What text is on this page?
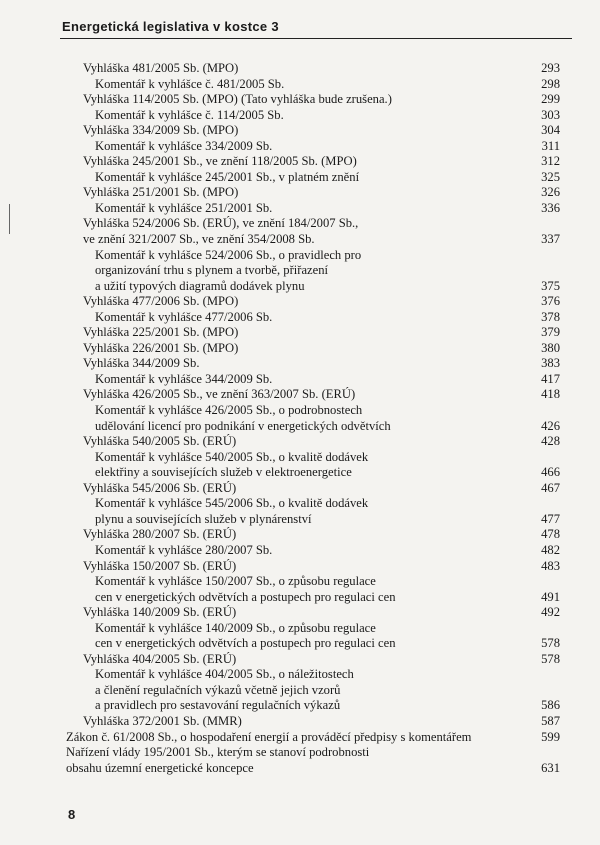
Energetická legislativa v kostce 3
Vyhláška 481/2005 Sb. (MPO)	293
Komentář k vyhlášce č. 481/2005 Sb.	298
Vyhláška 114/2005 Sb. (MPO) (Tato vyhláška bude zrušena.)	299
Komentář k vyhlášce č. 114/2005 Sb.	303
Vyhláška 334/2009 Sb. (MPO)	304
Komentář k vyhlášce 334/2009 Sb.	311
Vyhláška 245/2001 Sb., ve znění 118/2005 Sb. (MPO)	312
Komentář k vyhlášce 245/2001 Sb., v platném znění	325
Vyhláška 251/2001 Sb. (MPO)	326
Komentář k vyhlášce 251/2001 Sb.	336
Vyhláška 524/2006 Sb. (ERÚ), ve znění 184/2007 Sb.,
ve znění 321/2007 Sb., ve znění 354/2008 Sb.	337
Komentář k vyhlášce 524/2006 Sb., o pravidlech pro
organizování trhu s plynem a tvorbě, přiřazení
a užití typových diagramů dodávek plynu	375
Vyhláška 477/2006 Sb. (MPO)	376
Komentář k vyhlášce 477/2006 Sb.	378
Vyhláška 225/2001 Sb. (MPO)	379
Vyhláška 226/2001 Sb. (MPO)	380
Vyhláška 344/2009 Sb.	383
Komentář k vyhlášce 344/2009 Sb.	417
Vyhláška 426/2005 Sb., ve znění 363/2007 Sb. (ERÚ)	418
Komentář k vyhlášce 426/2005 Sb., o podrobnostech
udělování licencí pro podnikání v energetických odvětvích	426
Vyhláška 540/2005 Sb. (ERÚ)	428
Komentář k vyhlášce 540/2005 Sb., o kvalitě dodávek
elektřiny a souvisejících služeb v elektroenergetice	466
Vyhláška 545/2006 Sb. (ERÚ)	467
Komentář k vyhlášce 545/2006 Sb., o kvalitě dodávek
plynu a souvisejících služeb v plynárenství	477
Vyhláška 280/2007 Sb. (ERÚ)	478
Komentář k vyhlášce 280/2007 Sb.	482
Vyhláška 150/2007 Sb. (ERÚ)	483
Komentář k vyhlášce 150/2007 Sb., o způsobu regulace
cen v energetických odvětvích a postupech pro regulaci cen	491
Vyhláška 140/2009 Sb. (ERÚ)	492
Komentář k vyhlášce 140/2009 Sb., o způsobu regulace
cen v energetických odvětvích a postupech pro regulaci cen	578
Vyhláška 404/2005 Sb. (ERÚ)	578
Komentář k vyhlášce 404/2005 Sb., o náležitostech
a členění regulačních výkazů včetně jejich vzorů
a pravidlech pro sestavování regulačních výkazů	586
Vyhláška 372/2001 Sb. (MMR)	587
Zákon č. 61/2008 Sb., o hospodaření energií a prováděcí předpisy s komentářem	599
Nařízení vlády 195/2001 Sb., kterým se stanoví podrobnosti
obsahu územní energetické koncepce	631
8
